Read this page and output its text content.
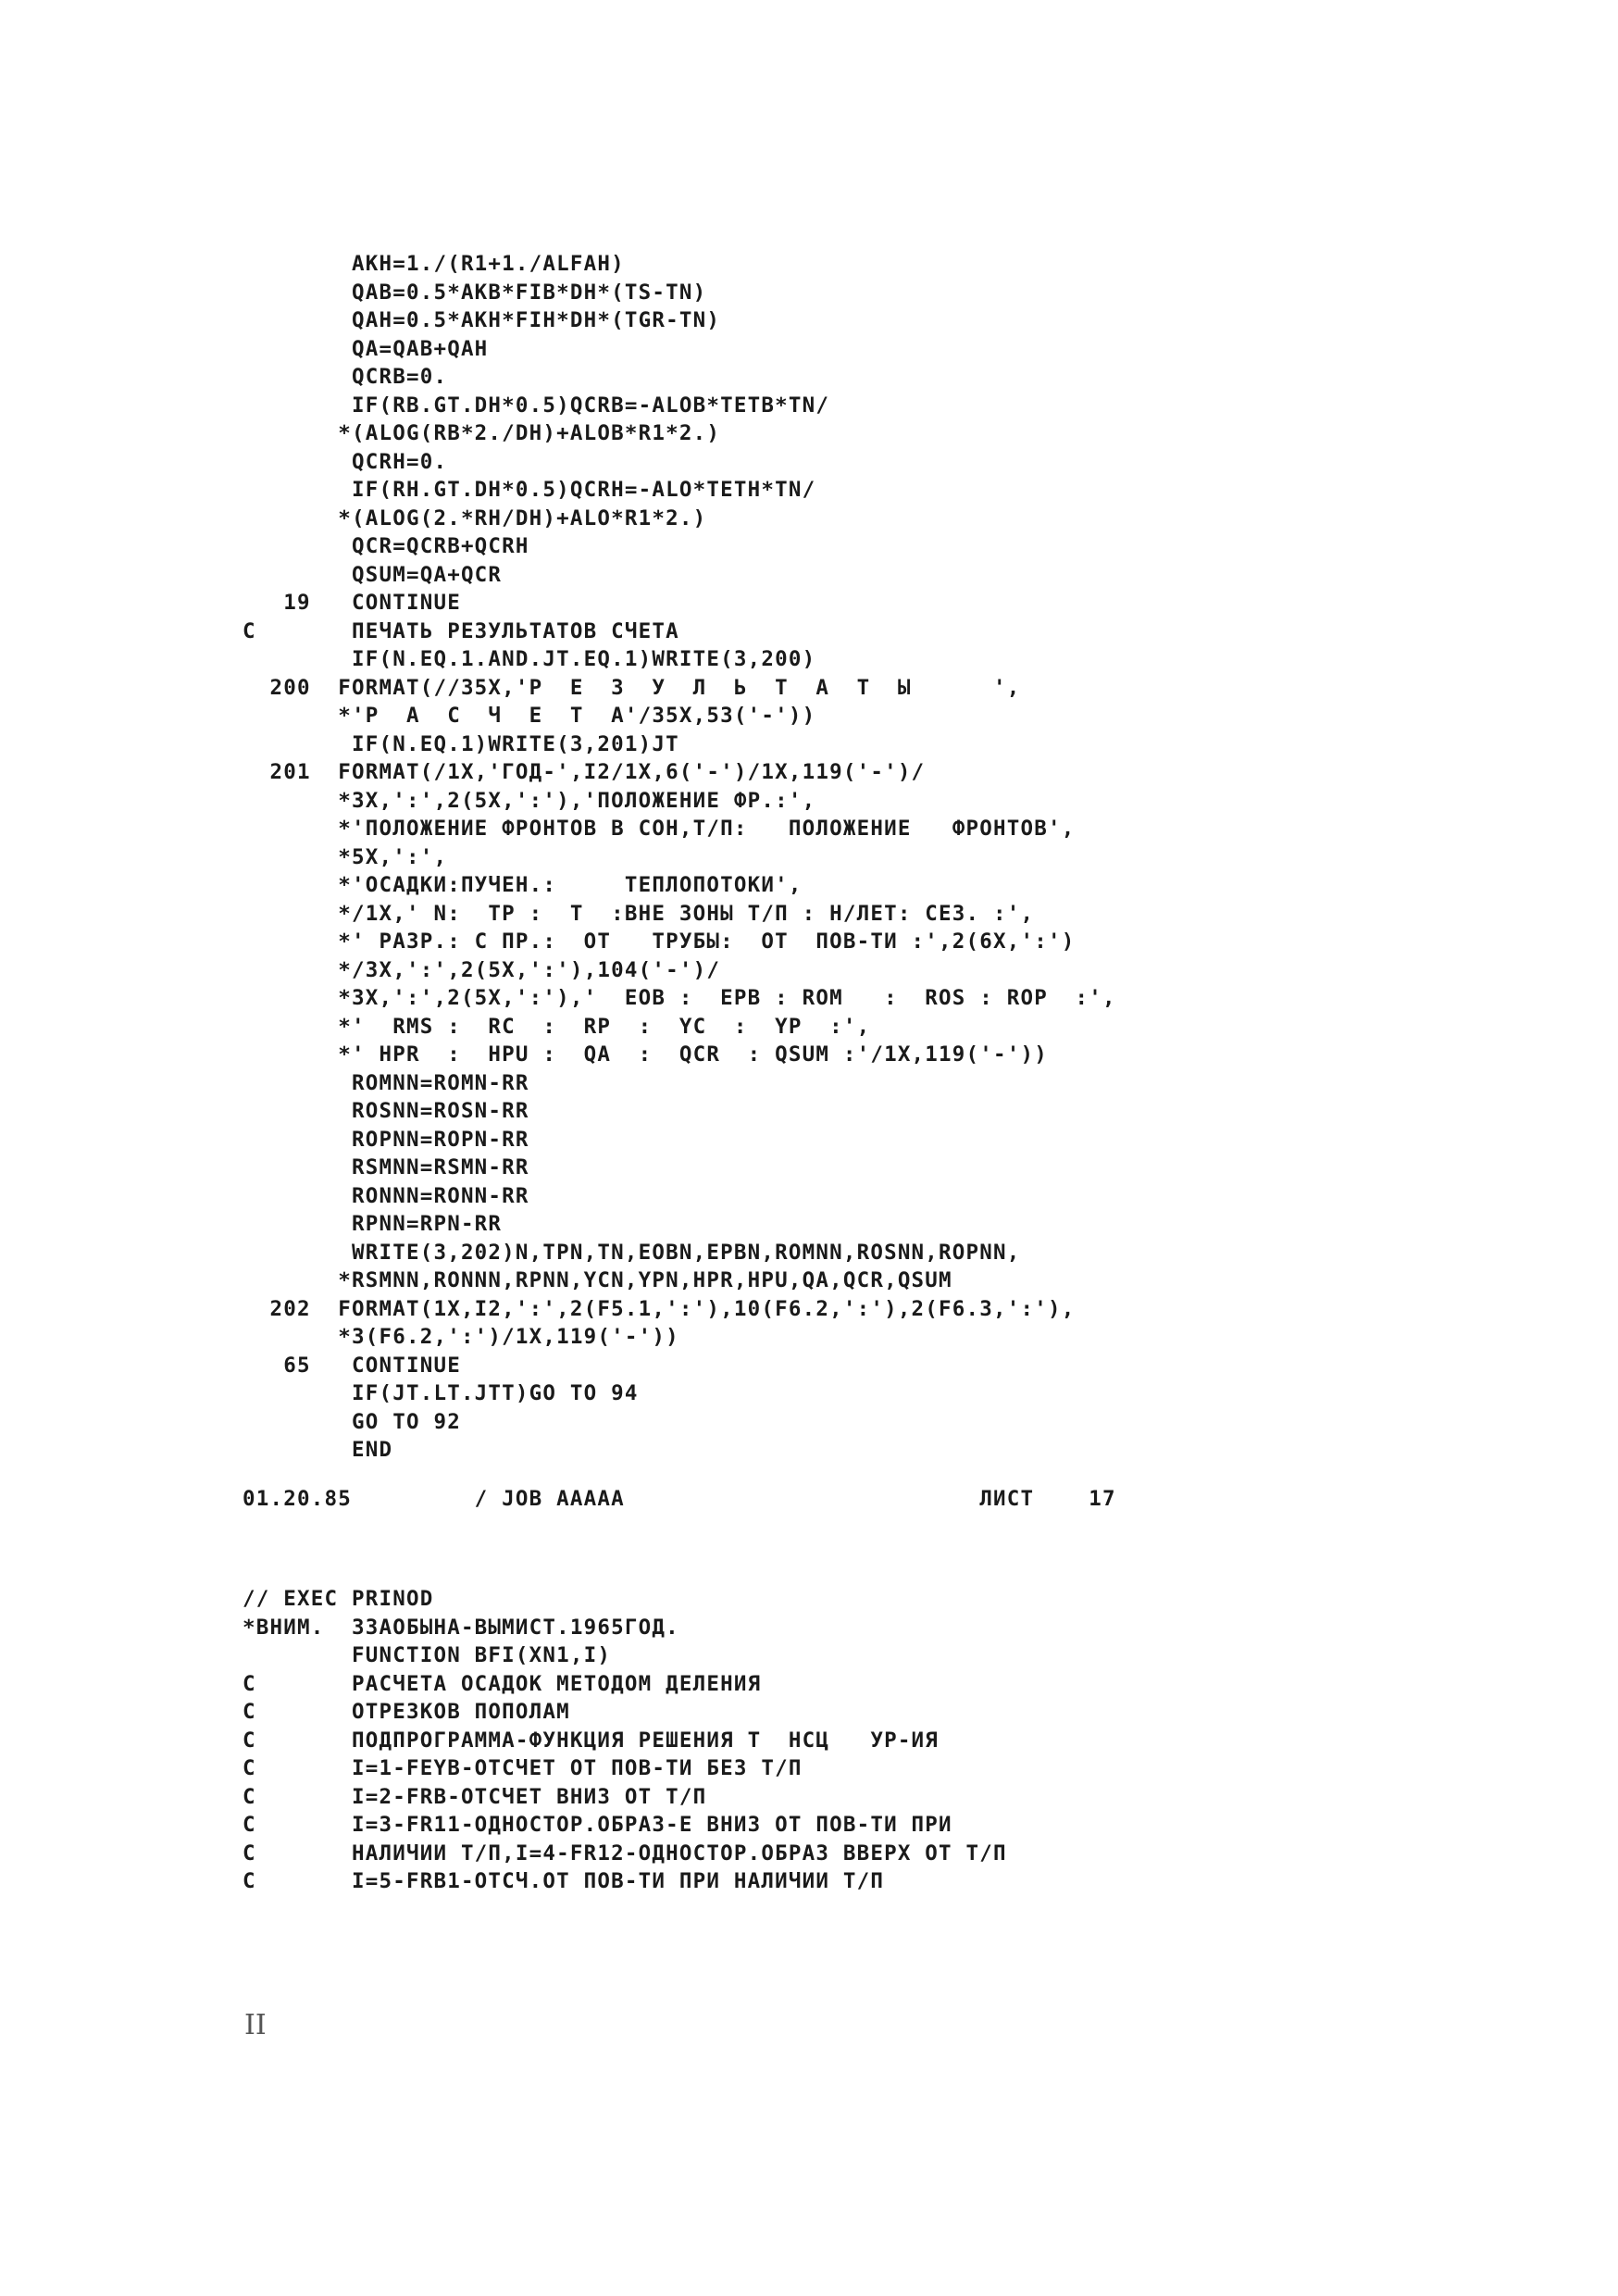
AKH=1./(R1+1./ALFAH)
QAB=0.5*AKB*FIB*DH*(TS-TN)
QAH=0.5*AKH*FIH*DH*(TGR-TN)
QA=QAB+QAH
QCRB=0.
IF(RB.GT.DH*0.5)QCRB=-ALOB*TETB*TN/
*(ALOG(RB*2./DH)+ALOB*R1*2.)
QCRH=0.
IF(RH.GT.DH*0.5)QCRH=-ALO*TETH*TN/
*(ALOG(2.*RH/DH)+ALO*R1*2.)
QCR=QCRB+QCRH
QSUM=QA+QCR
19   CONTINUE
C       ПЕЧАТЬ РЕЗУЛЬТАТОВ СЧЕТА
IF(N.EQ.1.AND.JT.EQ.1)WRITE(3,200)
200  FORMAT(//35X,'P  E  3  У  Л  Ь  T  A  T  Ы      ',
*'P  A  C  Ч  E  T  A'/35X,53('-'))
IF(N.EQ.1)WRITE(3,201)JT
201  FORMAT(/1X,'ГОД-',I2/1X,6('-')/1X,119('-')/
*3X,':',2(5X,':'),'ПОЛОЖЕНИЕ ФР.:',
*'ПОЛОЖЕНИЕ ФРОНТОВ В СОН,Т/П:   ПОЛОЖЕНИЕ   ФРОНТОВ',
*5X,':',
*'ОСАДКИ:ПУЧЕН.:     ТЕПЛОПОТОКИ',
*/1X,' N:  TP :  T  :ВНЕ ЗОНЫ Т/П : Н/ЛЕТ: СЕЗ. :',
*' РАЗР.: С ПР.:  ОТ   ТРУБЫ:  ОТ  ПОВ-ТИ :',2(6X,':')
*/3X,':',2(5X,':'),104('-')/
*3X,':',2(5X,':'),'  EOB :  EPB : ROM   :  ROS : ROP  :',
*'  RMS :  RC  :  RP  :  YC  :  YP  :',
*' HPR  :  HPU :  QA  :  QCR  : QSUM :'/1X,119('-'))
ROMNN=ROMN-RR
ROSNN=ROSN-RR
ROPNN=ROPN-RR
RSMNN=RSMN-RR
RONNN=RONN-RR
RPNN=RPN-RR
WRITE(3,202)N,TPN,TN,EOBN,EPBN,ROMNN,ROSNN,ROPNN,
*RSMNN,RONNN,RPNN,YCN,YPN,HPR,HPU,QA,QCR,QSUM
202  FORMAT(1X,I2,':',2(F5.1,':'),10(F6.2,':'),2(F6.3,':'),
*3(F6.2,':')/1X,119('-'))
65   CONTINUE
IF(JT.LT.JTT)GO TO 94
GO TO 92
END
01.20.85         / JOB AAAAA	ЛИСТ    17
// EXEC PRINOD
*ВНИМ.  ЗЗАОБЫНА-ВЫМИСТ.1965ГОД.
FUNCTION BFI(XN1,I)
C       РАСЧЕТА ОСАДОК МЕТОДОМ ДЕЛЕНИЯ
C       ОТРЕЗКОВ ПОПОЛАМ
C       ПОДПРОГРАММА-ФУНКЦИЯ РЕШЕНИЯ Т  НСЦ   УР-ИЯ
C       I=1-FEYB-ОТСЧЕТ ОТ ПОВ-ТИ БЕЗ Т/П
C       I=2-FRB-ОТСЧЕТ ВНИЗ ОТ Т/П
C       I=3-FR11-ОДНОСТОР.ОБРАЗ-Е ВНИЗ ОТ ПОВ-ТИ ПРИ
C       НАЛИЧИИ Т/П,I=4-FR12-ОДНОСТОР.ОБРАЗ ВВЕРХ ОТ Т/П
C       I=5-FRB1-ОТСЧ.ОТ ПОВ-ТИ ПРИ НАЛИЧИИ Т/П
II
